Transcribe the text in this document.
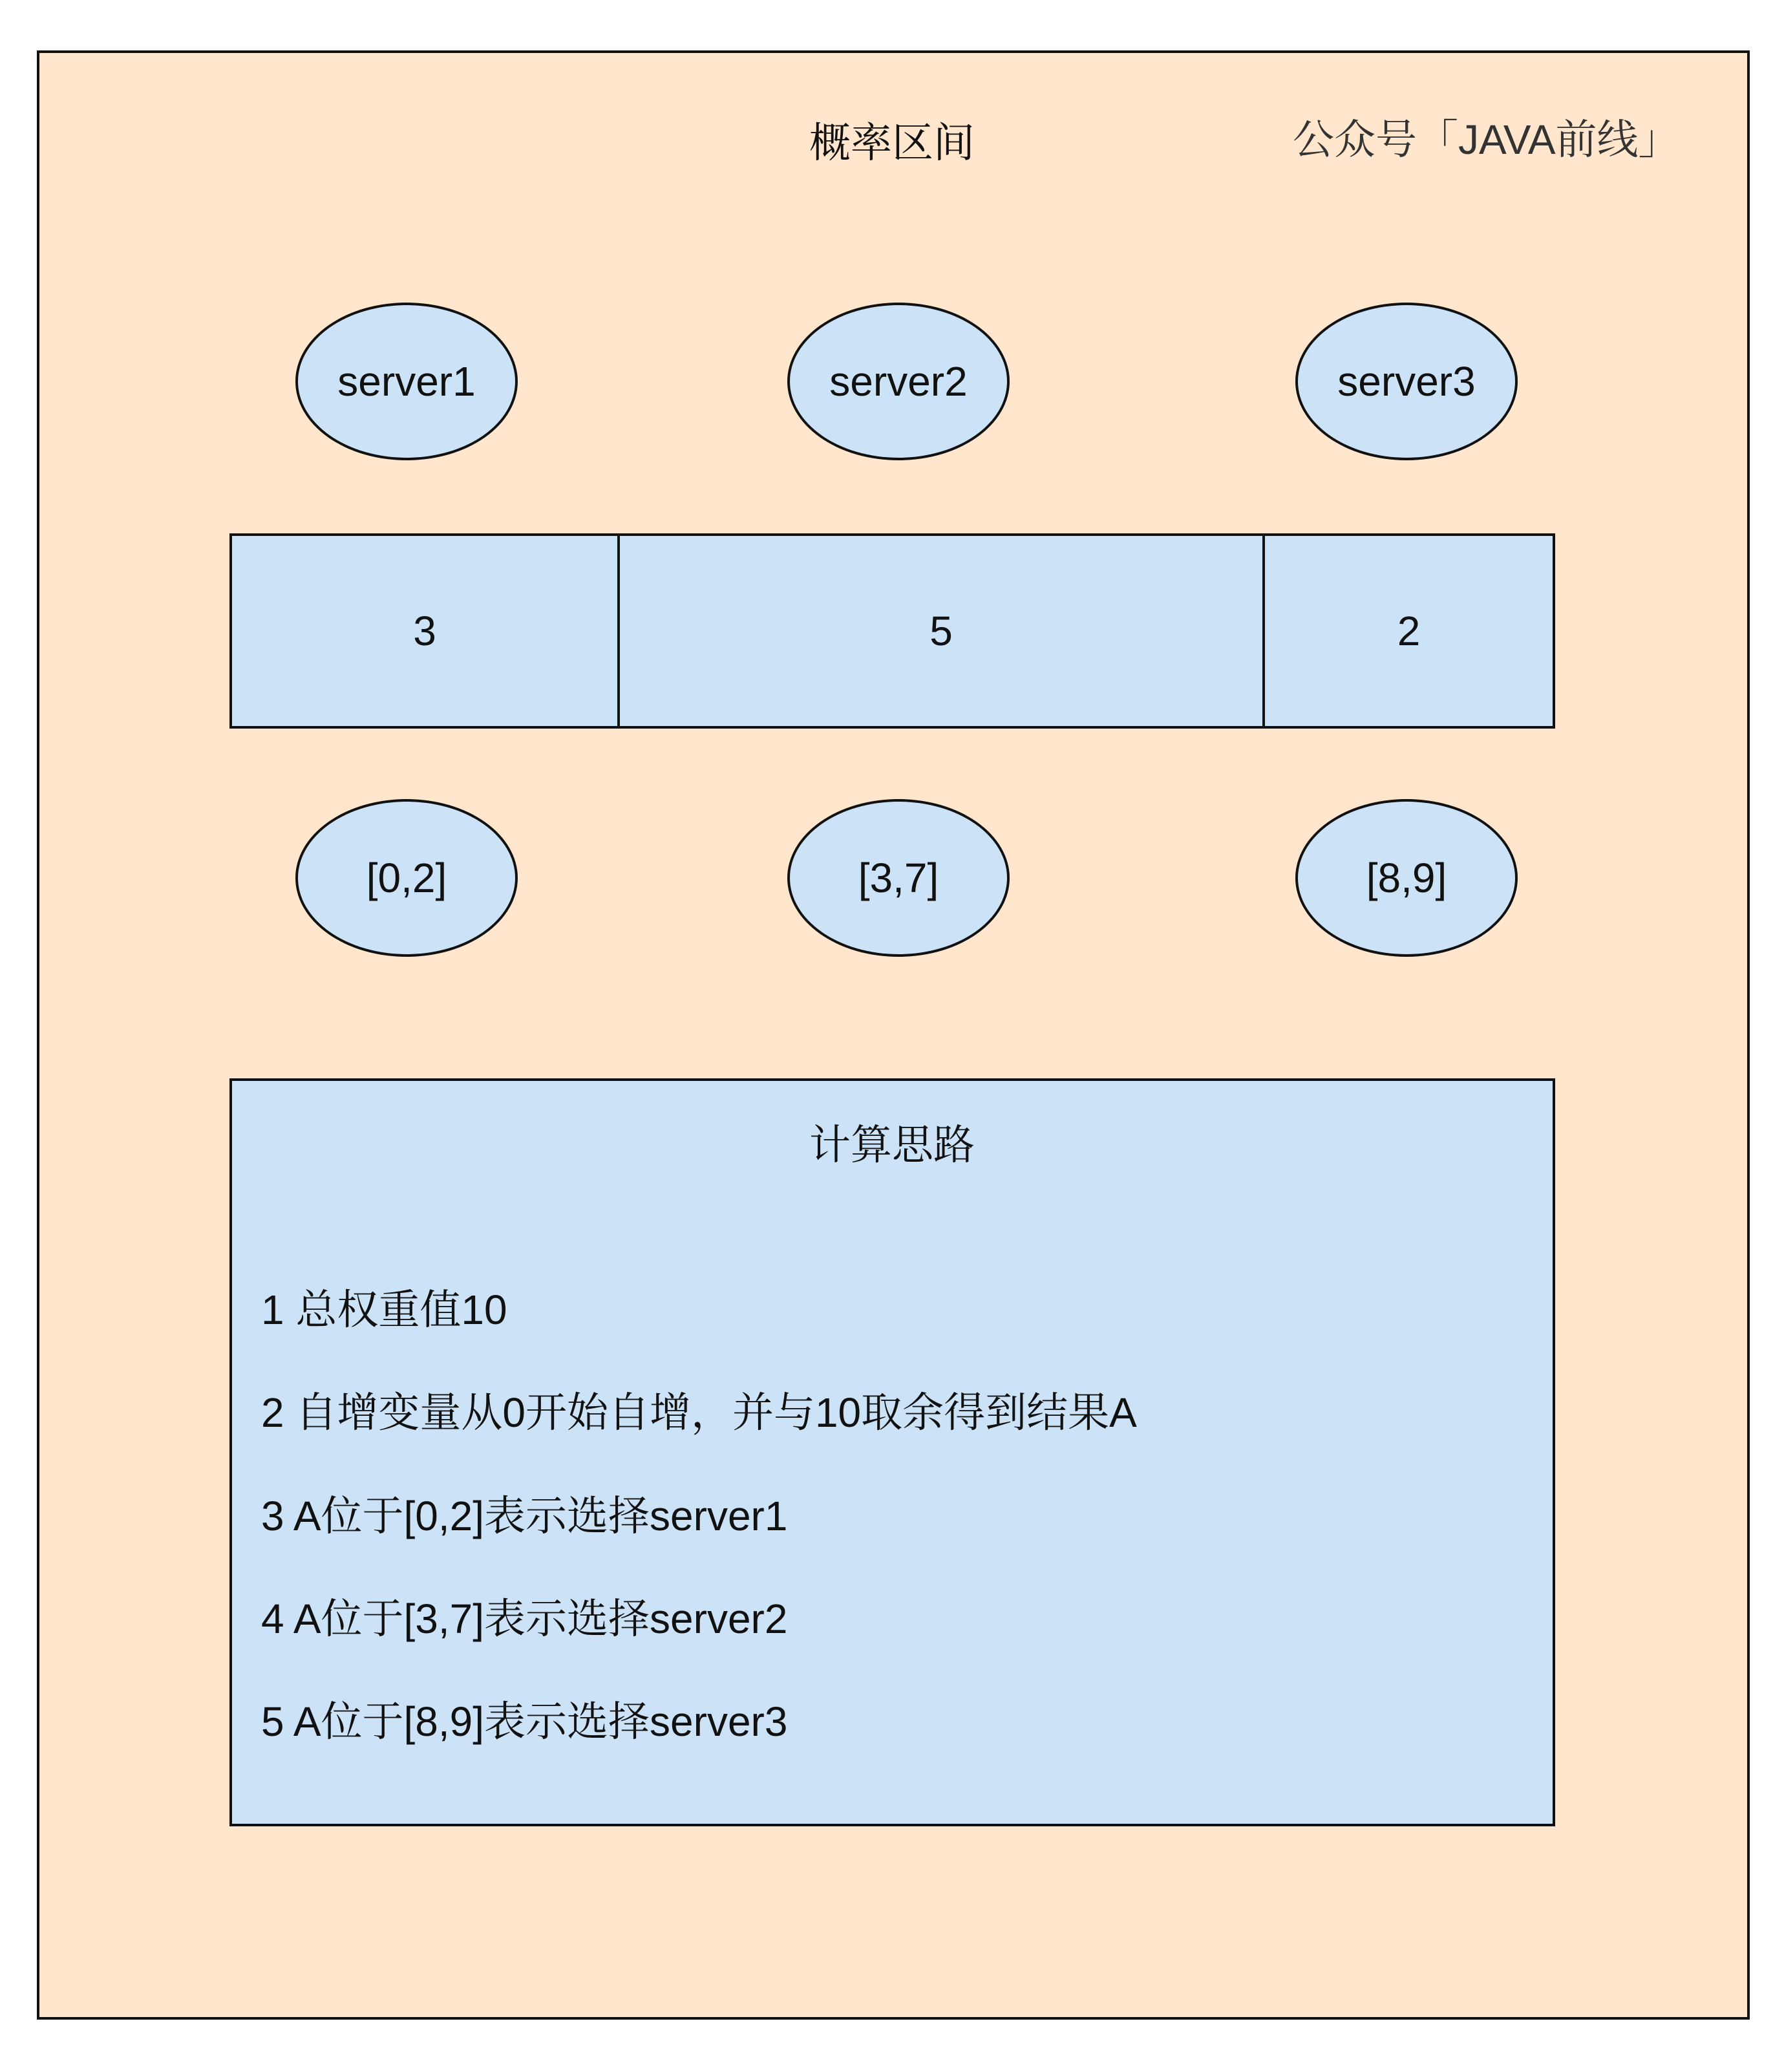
概率区间	公众号「JAVA前线」
server1	server2	server3
3	5	2
[0,2]	[3,7]	[8,9]
计算思路
1 总权重值10
2 自增变量从0开始自增，并与10取余得到结果A
3 A位于[0,2]表示选择server1
4 A位于[3,7]表示选择server2
5 A位于[8,9]表示选择server3
